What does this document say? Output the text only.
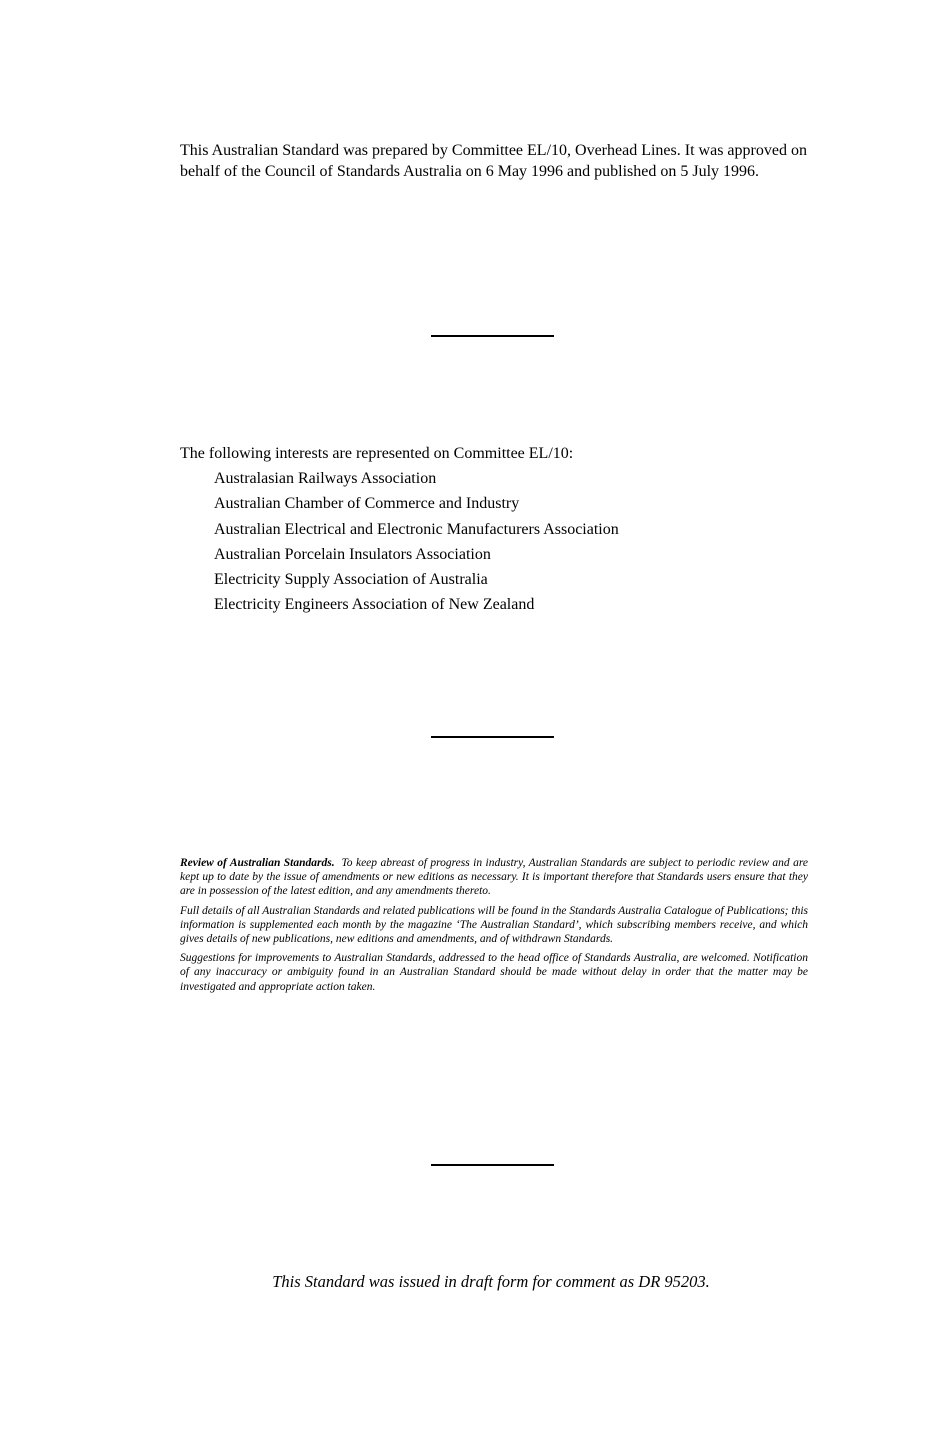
This Australian Standard was prepared by Committee EL/10, Overhead Lines. It was approved on behalf of the Council of Standards Australia on 6 May 1996 and published on 5 July 1996.

The following interests are represented on Committee EL/10:

Australasian Railways Association
Australian Chamber of Commerce and Industry
Australian Electrical and Electronic Manufacturers Association
Australian Porcelain Insulators Association
Electricity Supply Association of Australia
Electricity Engineers Association of New Zealand

Review of Australian Standards. To keep abreast of progress in industry, Australian Standards are subject to periodic review and are kept up to date by the issue of amendments or new editions as necessary. It is important therefore that Standards users ensure that they are in possession of the latest edition, and any amendments thereto.

Full details of all Australian Standards and related publications will be found in the Standards Australia Catalogue of Publications; this information is supplemented each month by the magazine ‘The Australian Standard’, which subscribing members receive, and which gives details of new publications, new editions and amendments, and of withdrawn Standards.

Suggestions for improvements to Australian Standards, addressed to the head office of Standards Australia, are welcomed. Notification of any inaccuracy or ambiguity found in an Australian Standard should be made without delay in order that the matter may be investigated and appropriate action taken.

This Standard was issued in draft form for comment as DR 95203.
